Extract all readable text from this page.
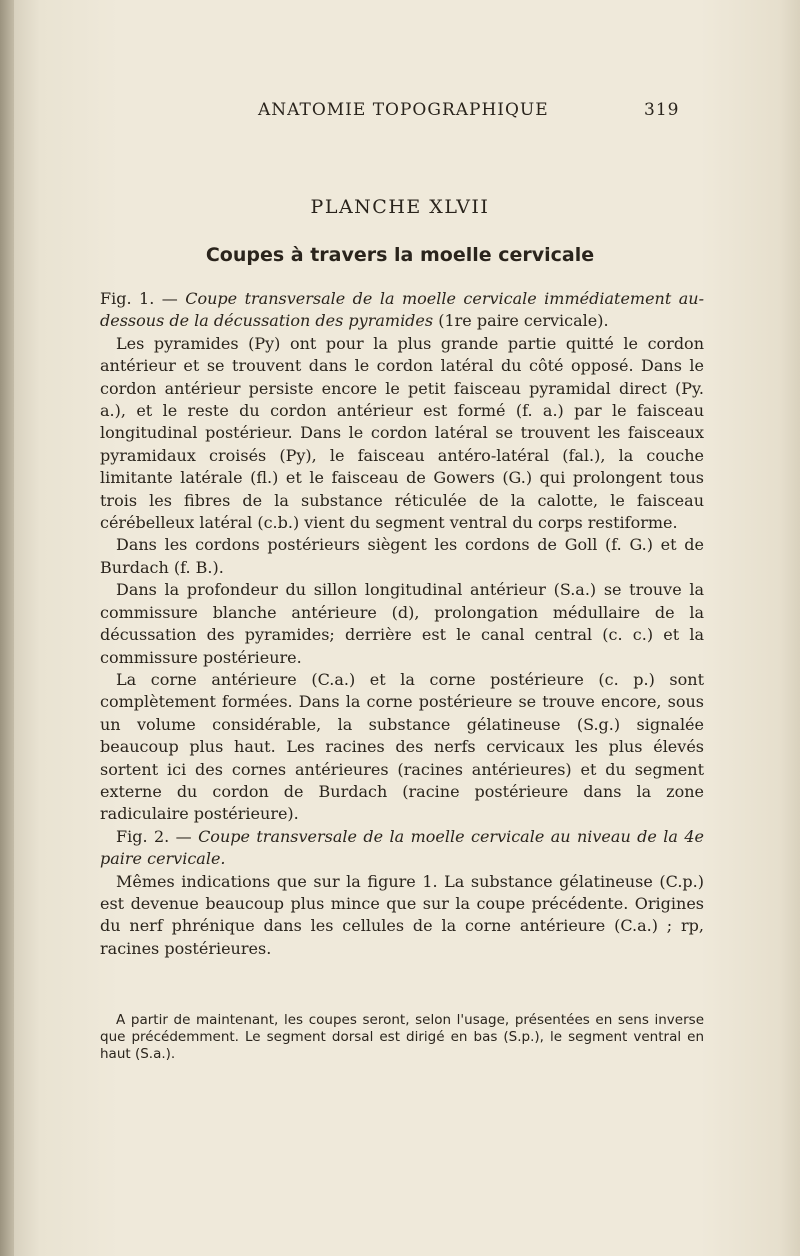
ANATOMIE TOPOGRAPHIQUE	319
PLANCHE XLVII
Coupes à travers la moelle cervicale

Fig. 1. — Coupe transversale de la moelle cervicale immédiatement au-dessous de la décussation des pyramides (1re paire cervicale).

Les pyramides (Py) ont pour la plus grande partie quitté le cordon antérieur et se trouvent dans le cordon latéral du côté opposé. Dans le cordon antérieur persiste encore le petit faisceau pyramidal direct (Py. a.), et le reste du cordon antérieur est formé (f. a.) par le faisceau longitudinal postérieur. Dans le cordon latéral se trouvent les faisceaux pyramidaux croisés (Py), le faisceau antéro-latéral (fal.), la couche limitante latérale (fl.) et le faisceau de Gowers (G.) qui prolongent tous trois les fibres de la substance réticulée de la calotte, le faisceau cérébelleux latéral (c.b.) vient du segment ventral du corps restiforme.

Dans les cordons postérieurs siègent les cordons de Goll (f. G.) et de Burdach (f. B.).

Dans la profondeur du sillon longitudinal antérieur (S.a.) se trouve la commissure blanche antérieure (d), prolongation médullaire de la décussation des pyramides; derrière est le canal central (c. c.) et la commissure postérieure.

La corne antérieure (C.a.) et la corne postérieure (c. p.) sont complètement formées. Dans la corne postérieure se trouve encore, sous un volume considérable, la substance gélatineuse (S.g.) signalée beaucoup plus haut. Les racines des nerfs cervicaux les plus élevés sortent ici des cornes antérieures (racines antérieures) et du segment externe du cordon de Burdach (racine postérieure dans la zone radiculaire postérieure).

Fig. 2. — Coupe transversale de la moelle cervicale au niveau de la 4e paire cervicale.

Mêmes indications que sur la figure 1. La substance gélatineuse (C.p.) est devenue beaucoup plus mince que sur la coupe précédente. Origines du nerf phrénique dans les cellules de la corne antérieure (C.a.) ; rp, racines postérieures.

A partir de maintenant, les coupes seront, selon l'usage, présentées en sens inverse que précédemment. Le segment dorsal est dirigé en bas (S.p.), le segment ventral en haut (S.a.).
